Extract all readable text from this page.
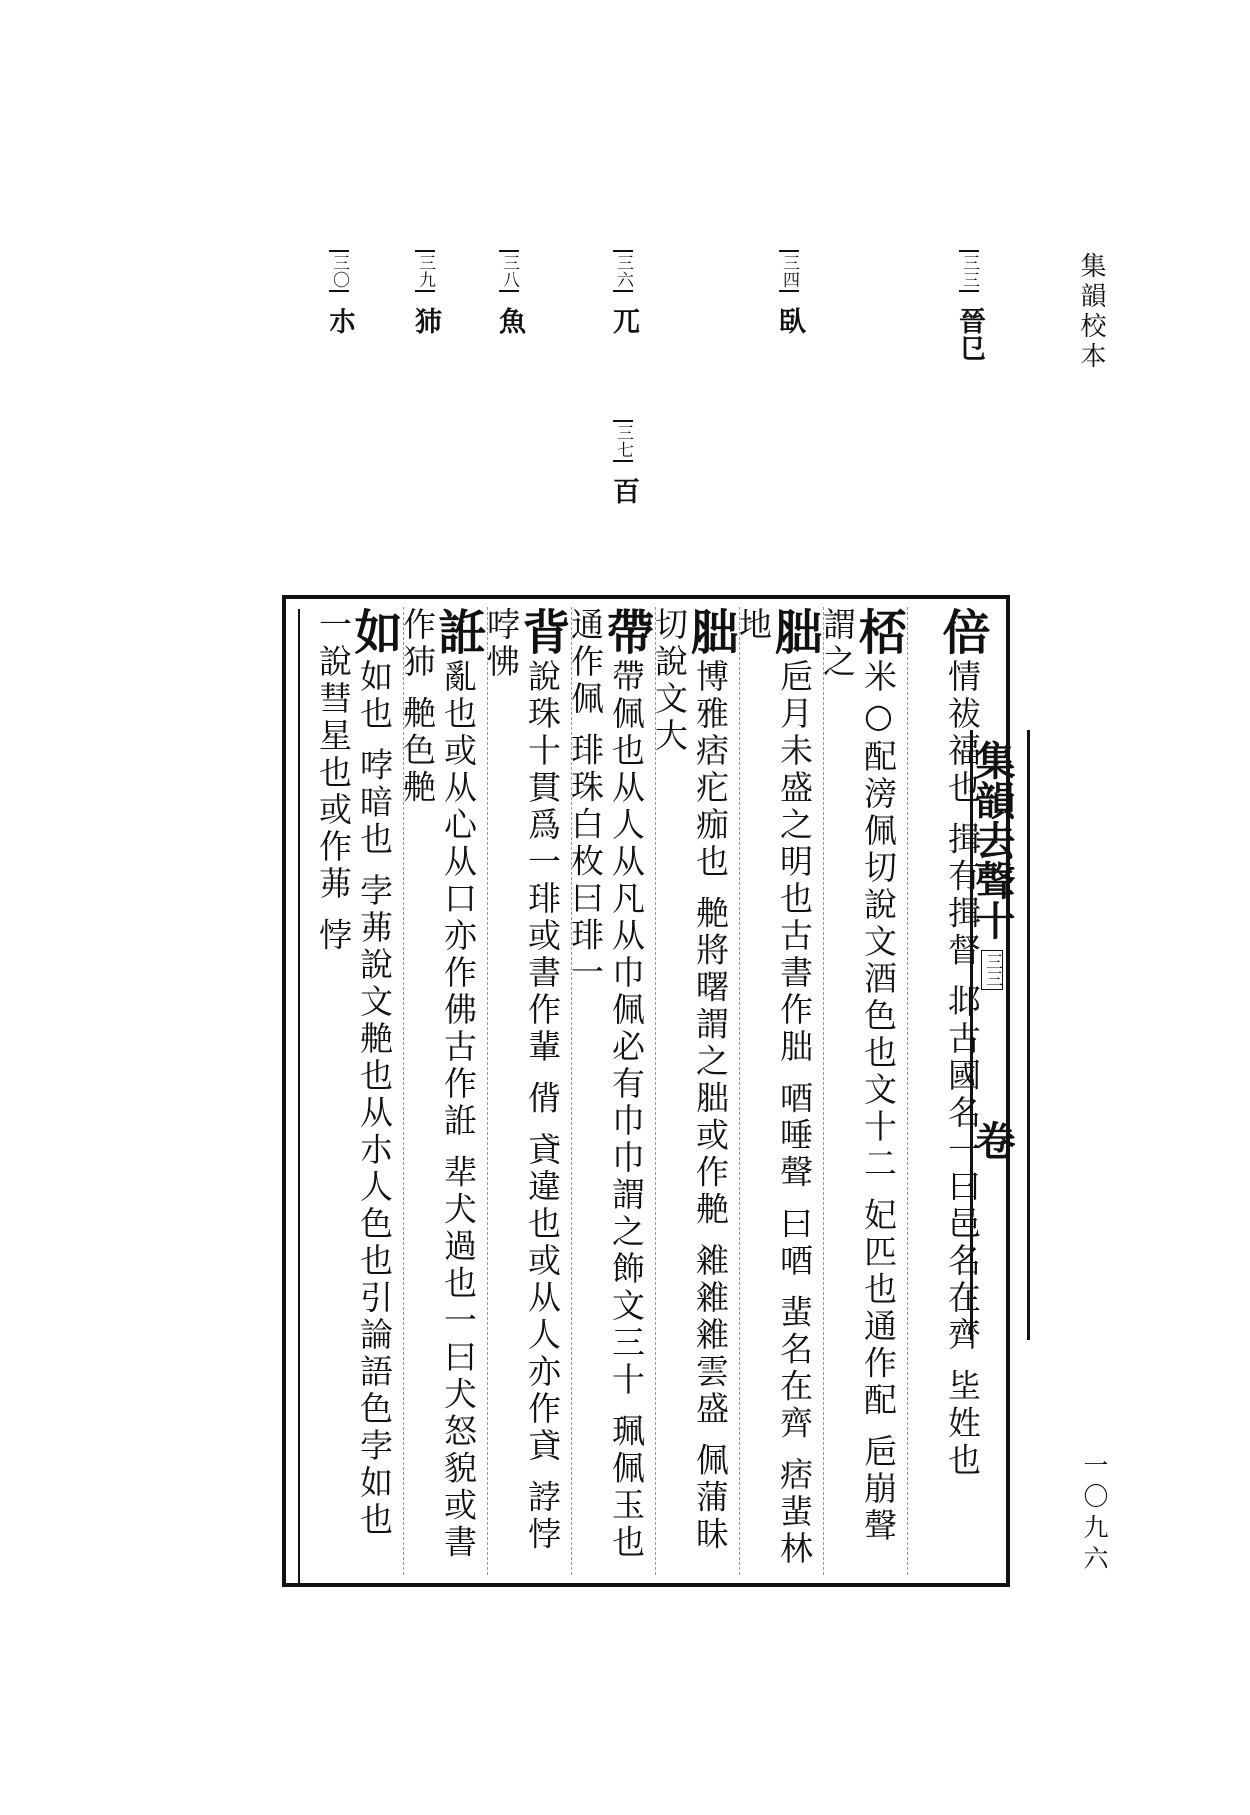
集韻校本
一〇九六
三三 晉㔾
三四 臥
三六 兀
三七 百
三八 魚
三九 犻
三〇 朩
倍情祓福也 揖有揖督 邶古國名一曰邑名在齊 坒姓也
桮米○配滂佩切說文酒色也文十二 妃匹也通作配 巵崩聲謂之
胐巵月未盛之明也古書作朏 唒唾聲 曰唒 蜚名在齊 痞蜚林地
胐博雅痞疕痂也 艴將曙謂之胐或作艴 䨀䨀䨀雲盛 佩蒲昧切說文大
帶帶佩也从人从凡从巾佩必有巾巾謂之飾文三十 珮佩玉也通作佩 琲珠白枚曰琲一
背說珠十貫爲一琲或書作輩 偝 貣違也或从人亦作貣 誖悖哱怫
䛘亂也或从心从口亦作佛古作䛘 㹃犬過也一曰犬怒貌或書作犻 艴色艴
如如也 哱暗也 孛茀說文艴也从朩人色也引論語色孛如也一說彗星也或作茀 悖	集韻去聲十三三卷
